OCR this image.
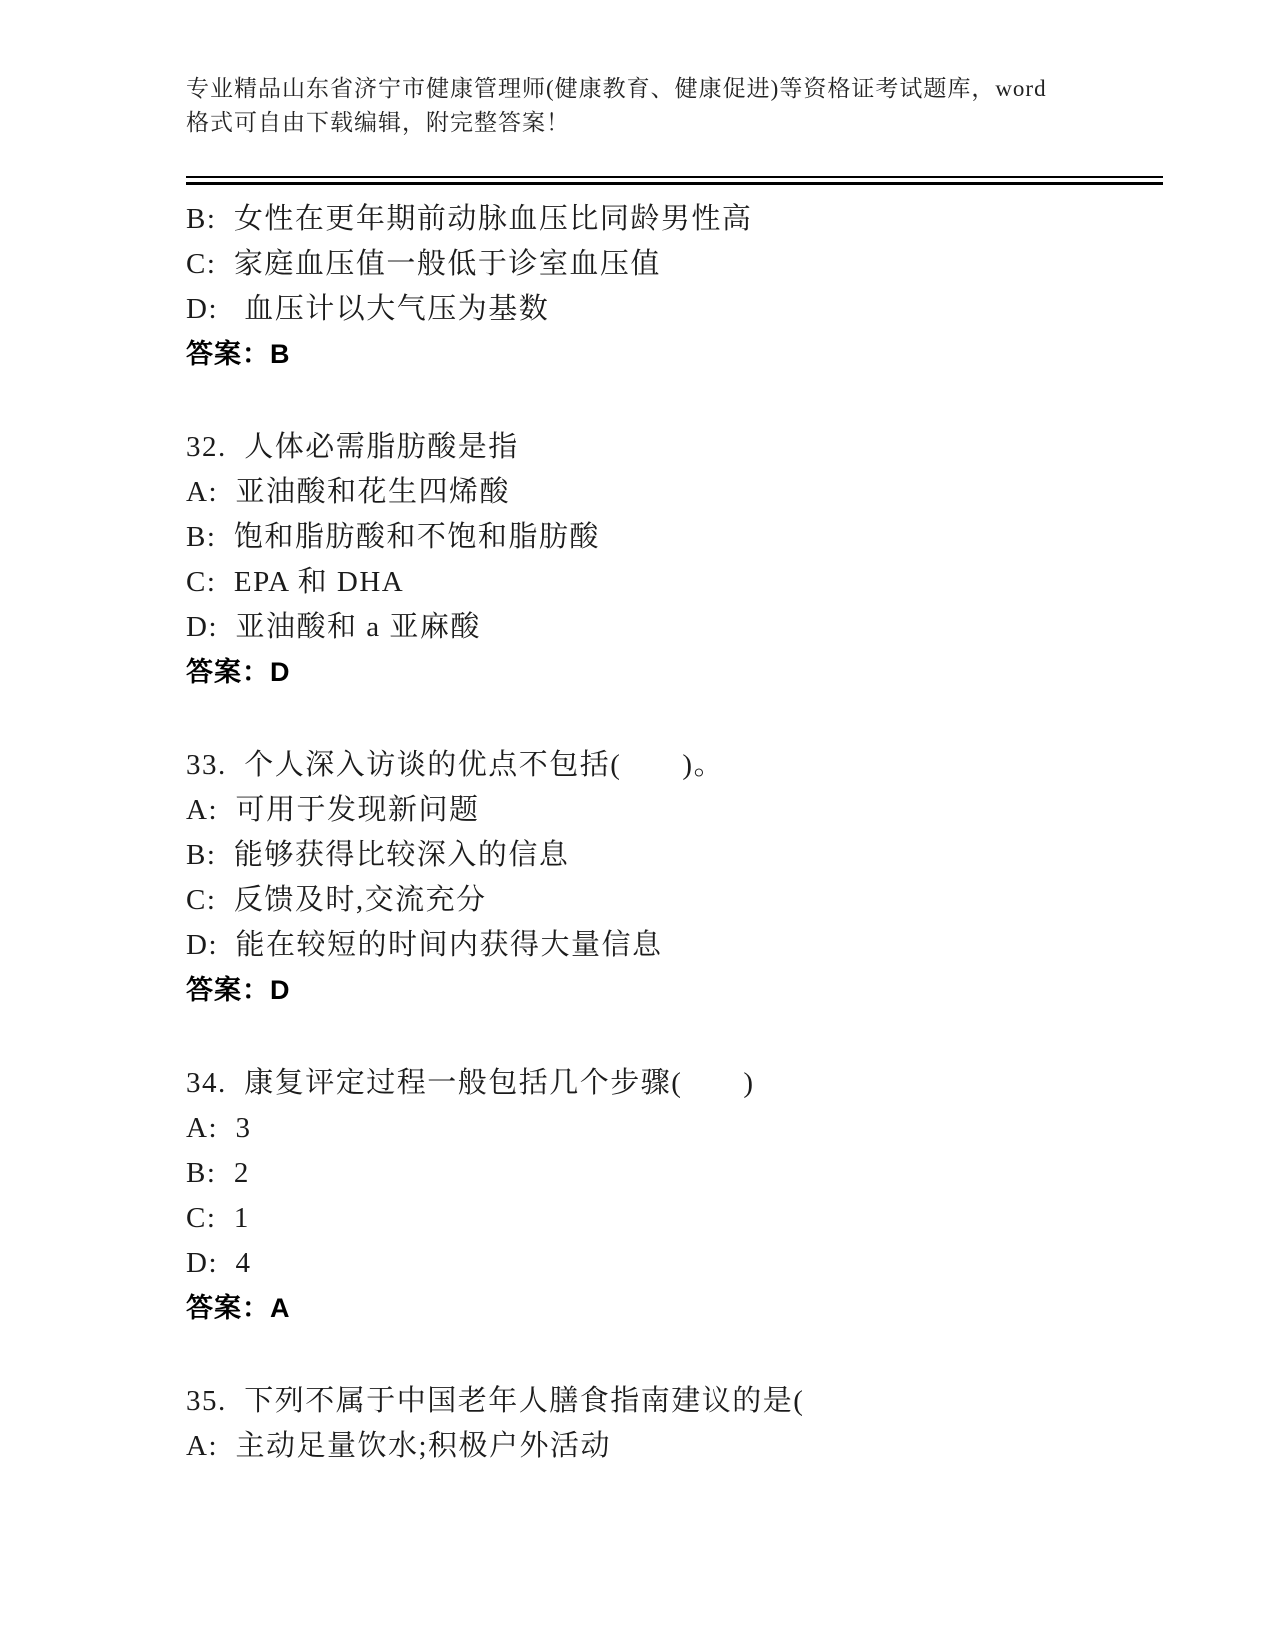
专业精品山东省济宁市健康管理师(健康教育、健康促进)等资格证考试题库，word
格式可自由下载编辑，附完整答案！
B:  女性在更年期前动脉血压比同龄男性高
C:  家庭血压值一般低于诊室血压值
D:   血压计以大气压为基数
答案：B
32.  人体必需脂肪酸是指
A:  亚油酸和花生四烯酸
B:  饱和脂肪酸和不饱和脂肪酸
C:  EPA 和 DHA
D:  亚油酸和 a 亚麻酸
答案：D
33.  个人深入访谈的优点不包括(　　)。
A:  可用于发现新问题
B:  能够获得比较深入的信息
C:  反馈及时,交流充分
D:  能在较短的时间内获得大量信息
答案：D
34.  康复评定过程一般包括几个步骤(　　)
A:  3
B:  2
C:  1
D:  4
答案：A
35.  下列不属于中国老年人膳食指南建议的是(
A:  主动足量饮水;积极户外活动
